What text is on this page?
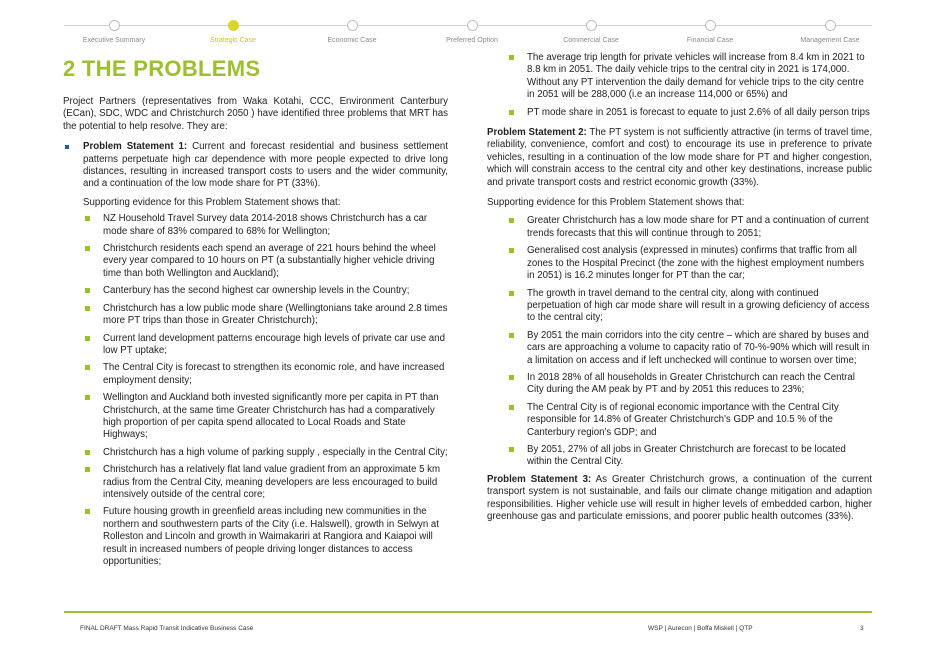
Executive Summary	Strategic Case	Economic Case	Preferred Option	Commercial Case	Financial Case	Management Case
2 THE PROBLEMS

Project Partners (representatives from Waka Kotahi, CCC, Environment Canterbury (ECan), SDC, WDC and Christchurch 2050 ) have identified three problems that MRT has the potential to help resolve. They are:

Problem Statement 1: Current and forecast residential and business settlement patterns perpetuate high car dependence with more people expected to drive long distances, resulting in increased transport costs to users and the wider community, and a continuation of the low mode share for PT (33%).

Supporting evidence for this Problem Statement shows that:

NZ Household Travel Survey data 2014-2018 shows Christchurch has a car mode share of 83% compared to 68% for Wellington;
Christchurch residents each spend an average of 221 hours behind the wheel every year compared to 10 hours on PT (a substantially higher vehicle driving time than both Wellington and Auckland);
Canterbury has the second highest car ownership levels in the Country;
Christchurch has a low public mode share (Wellingtonians take around 2.8 times more PT trips than those in Greater Christchurch);
Current land development patterns encourage high levels of private car use and low PT uptake;
The Central City is forecast to strengthen its economic role, and have increased employment density;
Wellington and Auckland both invested significantly more per capita in PT than Christchurch, at the same time Greater Christchurch has had a comparatively high proportion of per capita spend allocated to Local Roads and State Highways;
Christchurch has a high volume of parking supply , especially in the Central City;
Christchurch has a relatively flat land value gradient from an approximate 5 km radius from the Central City, meaning developers are less encouraged to build intensively outside of the central core;
Future housing growth in greenfield areas including new communities in the northern and southwestern parts of the City (i.e. Halswell), growth in Selwyn at Rolleston and Lincoln and growth in Waimakariri at Rangiora and Kaiapoi will result in increased numbers of people driving longer distances to access opportunities;
The average trip length for private vehicles will increase from 8.4 km in 2021 to 8.8 km in 2051. The daily vehicle trips to the central city in 2021 is 174,000. Without any PT intervention the daily demand for vehicle trips to the city centre in 2051 will be 288,000 (i.e an increase 114,000 or 65%) and
PT mode share in 2051 is forecast to equate to just 2.6% of all daily person trips

Problem Statement 2: The PT system is not sufficiently attractive (in terms of travel time, reliability, convenience, comfort and cost) to encourage its use in preference to private vehicles, resulting in a continuation of the low mode share for PT and higher congestion, which will constrain access to the central city and other key destinations, increase public and private transport costs and restrict economic growth (33%).

Supporting evidence for this Problem Statement shows that:

Greater Christchurch has a low mode share for PT and a continuation of current trends forecasts that this will continue through to 2051;
Generalised cost analysis (expressed in minutes) confirms that traffic from all zones to the Hospital Precinct (the zone with the highest employment numbers in 2051) is 16.2 minutes longer for PT than the car;
The growth in travel demand to the central city, along with continued perpetuation of high car mode share will result in a growing deficiency of access to the central city;
By 2051 the main corridors into the city centre – which are shared by buses and cars are approaching a volume to capacity ratio of 70-%-90% which will result in a limitation on access and if left unchecked will continue to worsen over time;
In 2018 28% of all households in Greater Christchurch can reach the Central City during the AM peak by PT and by 2051 this reduces to 23%;
The Central City is of regional economic importance with the Central City responsible for 14.8% of Greater Christchurch's GDP and 10.5 % of the Canterbury region's GDP; and
By 2051, 27% of all jobs in Greater Christchurch are forecast to be located within the Central City.

Problem Statement 3: As Greater Christchurch grows, a continuation of the current transport system is not sustainable, and fails our climate change mitigation and adaption responsibilities. Higher vehicle use will result in higher levels of embedded carbon, higher greenhouse gas and particulate emissions, and poorer public health outcomes (33%).

FINAL DRAFT Mass Rapid Transit Indicative Business Case	WSP | Aurecon | Boffa Miskell | QTP	3
